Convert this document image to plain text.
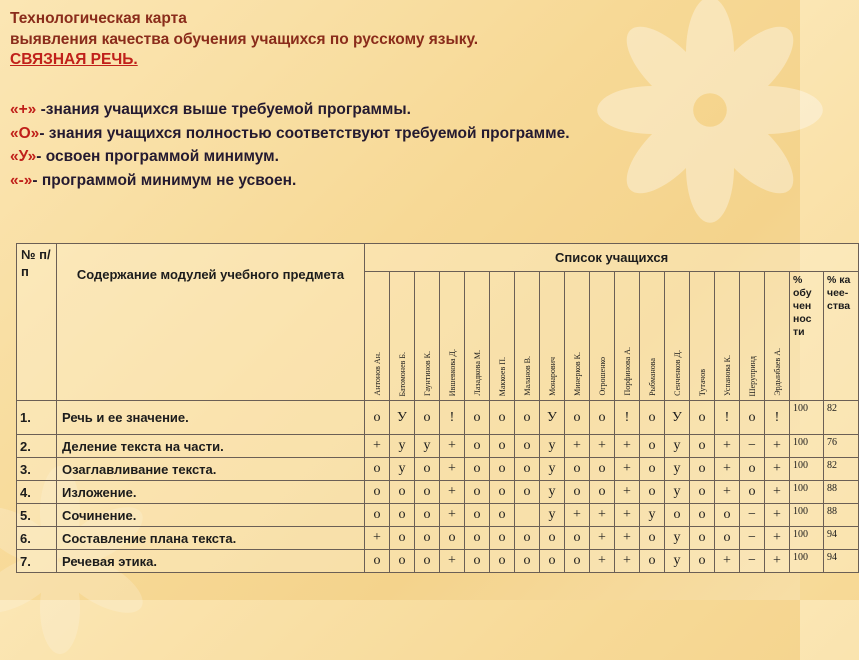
Технологическая карта
выявления качества обучения учащихся по русскому языку.
СВЯЗНАЯ РЕЧЬ.
«+» -знания учащихся выше требуемой программы.
«О»- знания учащихся полностью соответствуют требуемой программе.
«У»- освоен программой минимум.
«-»- программой минимум не усвоен.
№ п/п	Содержание модулей учебного предмета	Список учащихся																		

		Антонов Ан.	Батомонев Б.	Гаунтинов К.	Ившевкова Д.	Лазадкова М.	Маккоев П.	Маланов В.	Монарович	Минерков К.	Огрошенко	Порфинова А.	Рыбманова	Сенченков Д.	Тутачов	Успанова К.	Шерупринд	Эрдынбаев А.	% обу чен нос ти	% ка чее- ства
1.	Речь и ее значение.	о	У	о	!	о	о	о	У	о	о	!	о	У	о	!	о	!	100	82
2.	Деление текста на части.	+	у	у	+	о	о	о	у	+	+	+	о	у	о	+	−	+	100	76
3.	Озаглавливание текста.	о	у	о	+	о	о	о	у	о	о	+	о	у	о	+	о	+	100	82
4.	Изложение.	о	о	о	+	о	о	о	у	о	о	+	о	у	о	+	о	+	100	88
5.	Сочинение.	о	о	о	+	о	о		у	+	+	+	у	о	о	о	−	+	100	88
6.	Составление плана текста.	+	о	о	о	о	о	о	о	о	+	+	о	у	о	о	−	+	100	94
7.	Речевая этика.	о	о	о	+	о	о	о	о	о	+	+	о	у	о	+	−	+	100	94
